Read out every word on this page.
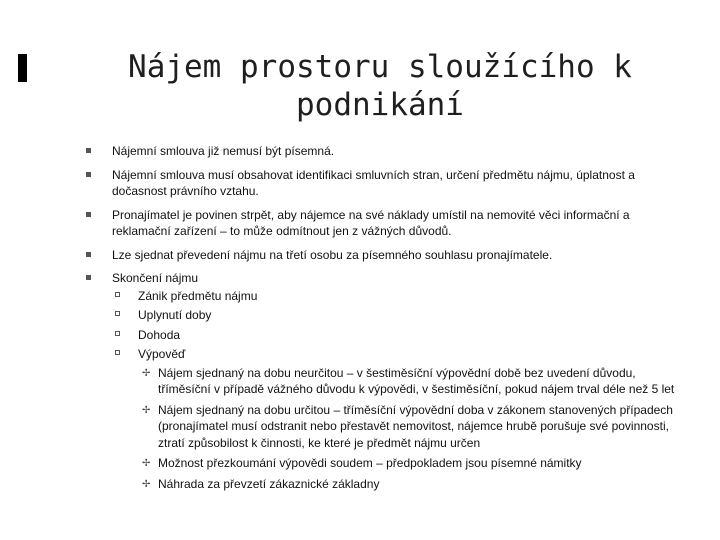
Nájem prostoru sloužícího k podnikání
Nájemní smlouva již nemusí být písemná.
Nájemní smlouva musí obsahovat identifikaci smluvních stran, určení předmětu nájmu, úplatnost a dočasnost právního vztahu.
Pronajímatel je povinen strpět, aby nájemce na své náklady umístil na nemovité věci informační a reklamační zařízení – to může odmítnout jen z vážných důvodů.
Lze sjednat převedení nájmu na třetí osobu za písemného souhlasu pronajímatele.
Skončení nájmu
Zánik předmětu nájmu
Uplynutí doby
Dohoda
Výpověď
✢ Nájem sjednaný na dobu neurčitou – v šestiměsíční výpovědní době bez uvedení důvodu, tříměsíční v případě vážného důvodu k výpovědi, v šestiměsíční, pokud nájem trval déle než 5 let
✢ Nájem sjednaný na dobu určitou – tříměsíční výpovědní doba v zákonem stanovených případech (pronajímatel musí odstranit nebo přestavět nemovitost, nájemce hrubě porušuje své povinnosti, ztratí způsobilost k činnosti, ke které je předmět nájmu určen
✢ Možnost přezkoumání výpovědi soudem – předpokladem jsou písemné námitky
✢ Náhrada za převzetí zákaznické základny
